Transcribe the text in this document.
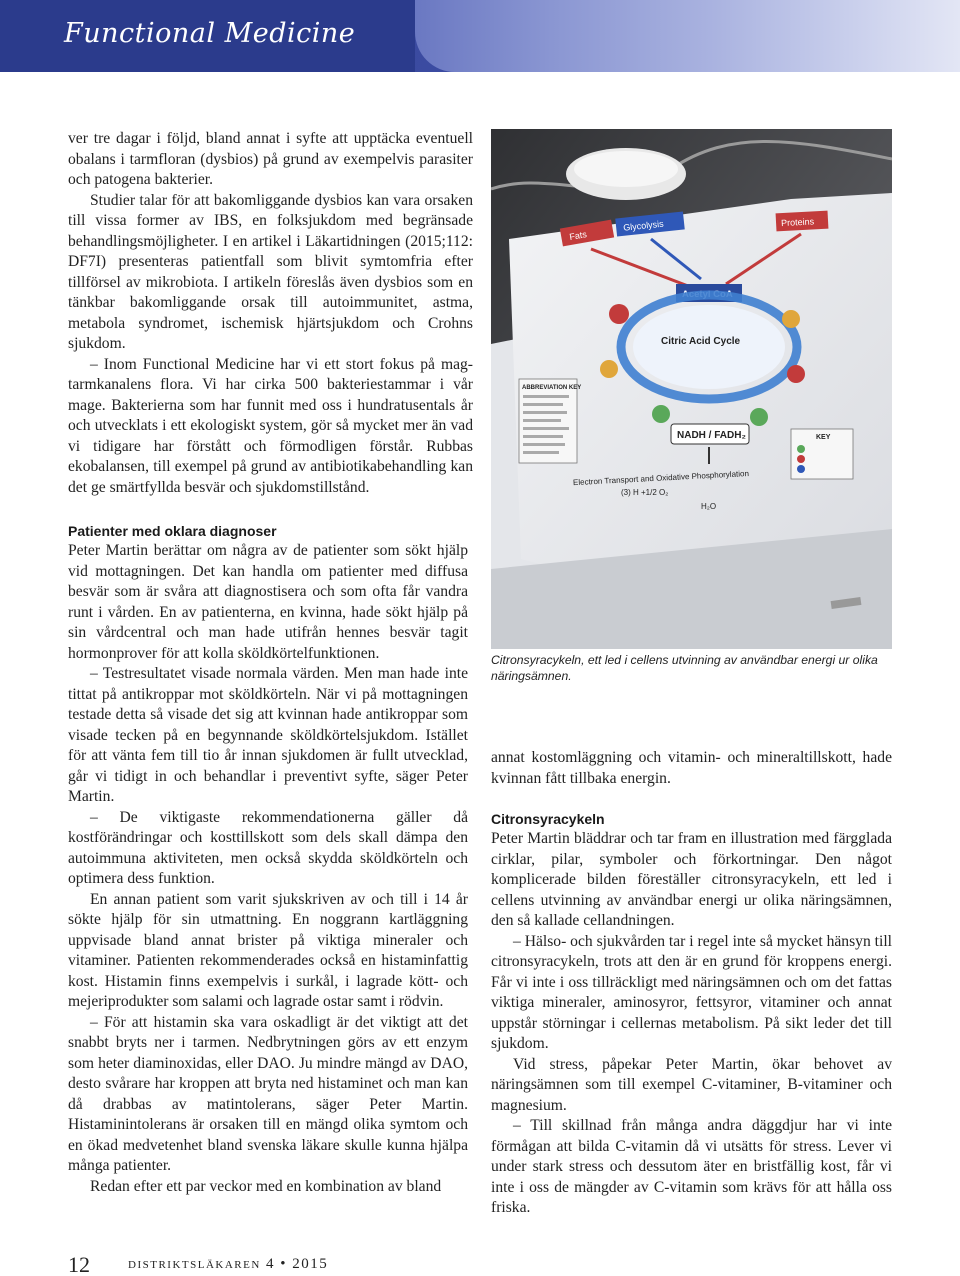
Functional Medicine

ver tre dagar i följd, bland annat i syfte att upptäcka eventuell obalans i tarmfloran (dysbios) på grund av exempelvis parasiter och patogena bakterier.

Studier talar för att bakomliggande dysbios kan vara orsaken till vissa former av IBS, en folksjukdom med begränsade behandlingsmöjligheter. I en artikel i Läkartidningen (2015;112: DF7I) presenteras patientfall som blivit symtomfria efter tillförsel av mikrobiota. I artikeln föreslås även dysbios som en tänkbar bakomliggande orsak till autoimmunitet, astma, metabola syndromet, ischemisk hjärtsjukdom och Crohns sjukdom.

– Inom Functional Medicine har vi ett stort fokus på mag-tarmkanalens flora. Vi har cirka 500 bakteriestammar i vår mage. Bakterierna som har funnit med oss i hundratusentals år och utvecklats i ett ekologiskt system, gör så mycket mer än vad vi tidigare har förstått och förmodligen förstår. Rubbas ekobalansen, till exempel på grund av antibiotikabehandling kan det ge smärtfyllda besvär och sjukdomstillstånd.

Glycolysis
Fats
Proteins
Acetyl CoA
Citric Acid Cycle
NADH / FADH₂
Electron Transport and Oxidative Phosphorylation
(3) H +1/2 O₂
H₂O
ABBREVIATION KEY
KEY
Citronsyracykeln, ett led i cellens utvinning av användbar energi ur olika näringsämnen.
Patienter med oklara diagnoser

Peter Martin berättar om några av de patienter som sökt hjälp vid mottagningen. Det kan handla om patienter med diffusa besvär som är svåra att diagnostisera och som ofta får vandra runt i vården. En av patienterna, en kvinna, hade sökt hjälp på sin vårdcentral och man hade utifrån hennes besvär tagit hormonprover för att kolla sköldkörtelfunktionen.

– Testresultatet visade normala värden. Men man hade inte tittat på antikroppar mot sköldkörteln. När vi på mottagningen testade detta så visade det sig att kvinnan hade antikroppar som visade tecken på en begynnande sköldkörtelsjukdom. Istället för att vänta fem till tio år innan sjukdomen är fullt utvecklad, går vi tidigt in och behandlar i preventivt syfte, säger Peter Martin.

– De viktigaste rekommendationerna gäller då kostförändringar och kosttillskott som dels skall dämpa den autoimmuna aktiviteten, men också skydda sköldkörteln och optimera dess funktion.

En annan patient som varit sjukskriven av och till i 14 år sökte hjälp för sin utmattning. En noggrann kartläggning uppvisade bland annat brister på viktiga mineraler och vitaminer. Patienten rekommenderades också en histaminfattig kost. Histamin finns exempelvis i surkål, i lagrade kött- och mejeriprodukter som salami och lagrade ostar samt i rödvin.

– För att histamin ska vara oskadligt är det viktigt att det snabbt bryts ner i tarmen. Nedbrytningen görs av ett enzym som heter diaminoxidas, eller DAO. Ju mindre mängd av DAO, desto svårare har kroppen att bryta ned histaminet och man kan då drabbas av matintolerans, säger Peter Martin. Histaminintolerans är orsaken till en mängd olika symtom och en ökad medvetenhet bland svenska läkare skulle kunna hjälpa många patienter.

Redan efter ett par veckor med en kombination av bland

annat kostomläggning och vitamin- och mineraltillskott, hade kvinnan fått tillbaka energin.

Citronsyracykeln

Peter Martin bläddrar och tar fram en illustration med färgglada cirklar, pilar, symboler och förkortningar. Den något komplicerade bilden föreställer citronsyracykeln, ett led i cellens utvinning av användbar energi ur olika näringsämnen, den så kallade cellandningen.

– Hälso- och sjukvården tar i regel inte så mycket hänsyn till citronsyracykeln, trots att den är en grund för kroppens energi. Får vi inte i oss tillräckligt med näringsämnen och om det fattas viktiga mineraler, aminosyror, fettsyror, vitaminer och annat uppstår störningar i cellernas metabolism. På sikt leder det till sjukdom.

Vid stress, påpekar Peter Martin, ökar behovet av näringsämnen som till exempel C-vitaminer, B-vitaminer och magnesium.

– Till skillnad från många andra däggdjur har vi inte förmågan att bilda C-vitamin då vi utsätts för stress. Lever vi under stark stress och dessutom äter en bristfällig kost, får vi inte i oss de mängder av C-vitamin som krävs för att hålla oss friska.

12	distriktsläkaren 4 • 2015
